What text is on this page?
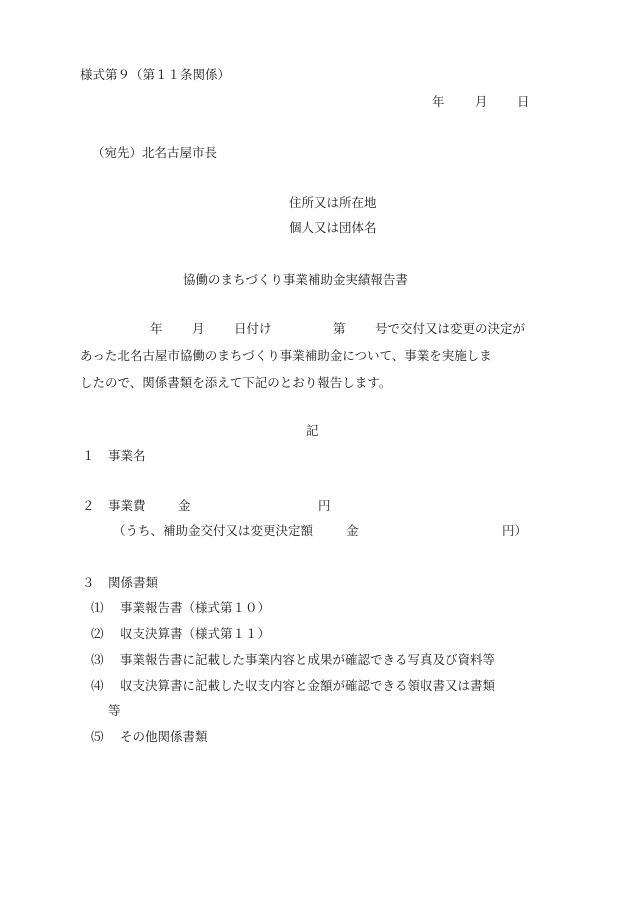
様式第９（第１１条関係）
年 月 日
（宛先）北名古屋市長
住所又は所在地
個人又は団体名
協働のまちづくり事業補助金実績報告書
年 月 日付け	第 号で交付又は変更の決定が
あった北名古屋市協働のまちづくり事業補助金について、事業を実施しま
したので、関係書類を添えて下記のとおり報告します。
記
１ 事業名
２ 事業費	金	円
（うち、補助金交付又は変更決定額	金	円）
３ 関係書類
⑴ 事業報告書（様式第１０）
⑵ 収支決算書（様式第１１）
⑶ 事業報告書に記載した事業内容と成果が確認できる写真及び資料等
⑷ 収支決算書に記載した収支内容と金額が確認できる領収書又は書類
等
⑸ その他関係書類
